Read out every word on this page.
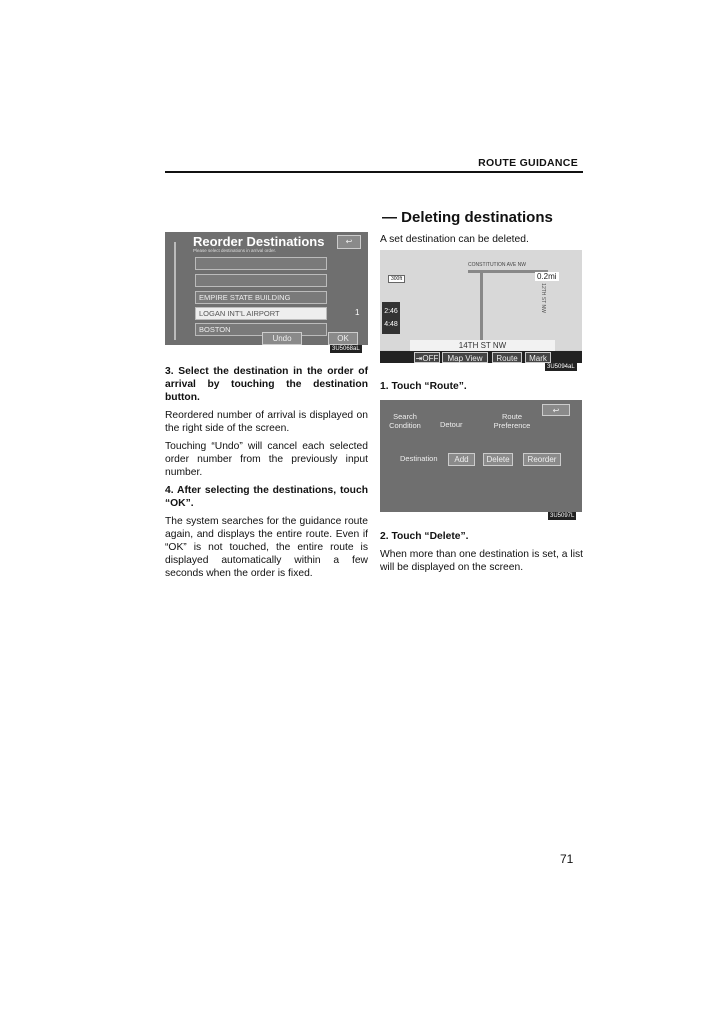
ROUTE GUIDANCE
Reorder Destinations
Please select destinations in arrival order.
↩
EMPIRE STATE BUILDING
LOGAN INT'L AIRPORT
BOSTON
1
Undo	OK
3U5068aL

3. Select the destination in the order of arrival by touching the destination button.

Reordered number of arrival is displayed on the right side of the screen.

Touching “Undo” will cancel each selected order number from the previously input number.

4. After selecting the destinations, touch “OK”.

The system searches for the guidance route again, and displays the entire route. Even if “OK” is not touched, the entire route is displayed automatically within a few seconds when the order is fixed.

— Deleting destinations

A set destination can be deleted.

CONSTITUTION AVE NW
0.2mi
300ft
2:46
4:48
12TH ST NW
14TH ST NW
⇥OFF	Map View	Route	Mark
3U5094aL

1. Touch “Route”.

Search Condition	Detour
Route Preference
↩
Destination	Add	Delete	Reorder
3U5097L

2. Touch “Delete”.

When more than one destination is set, a list will be displayed on the screen.

71
